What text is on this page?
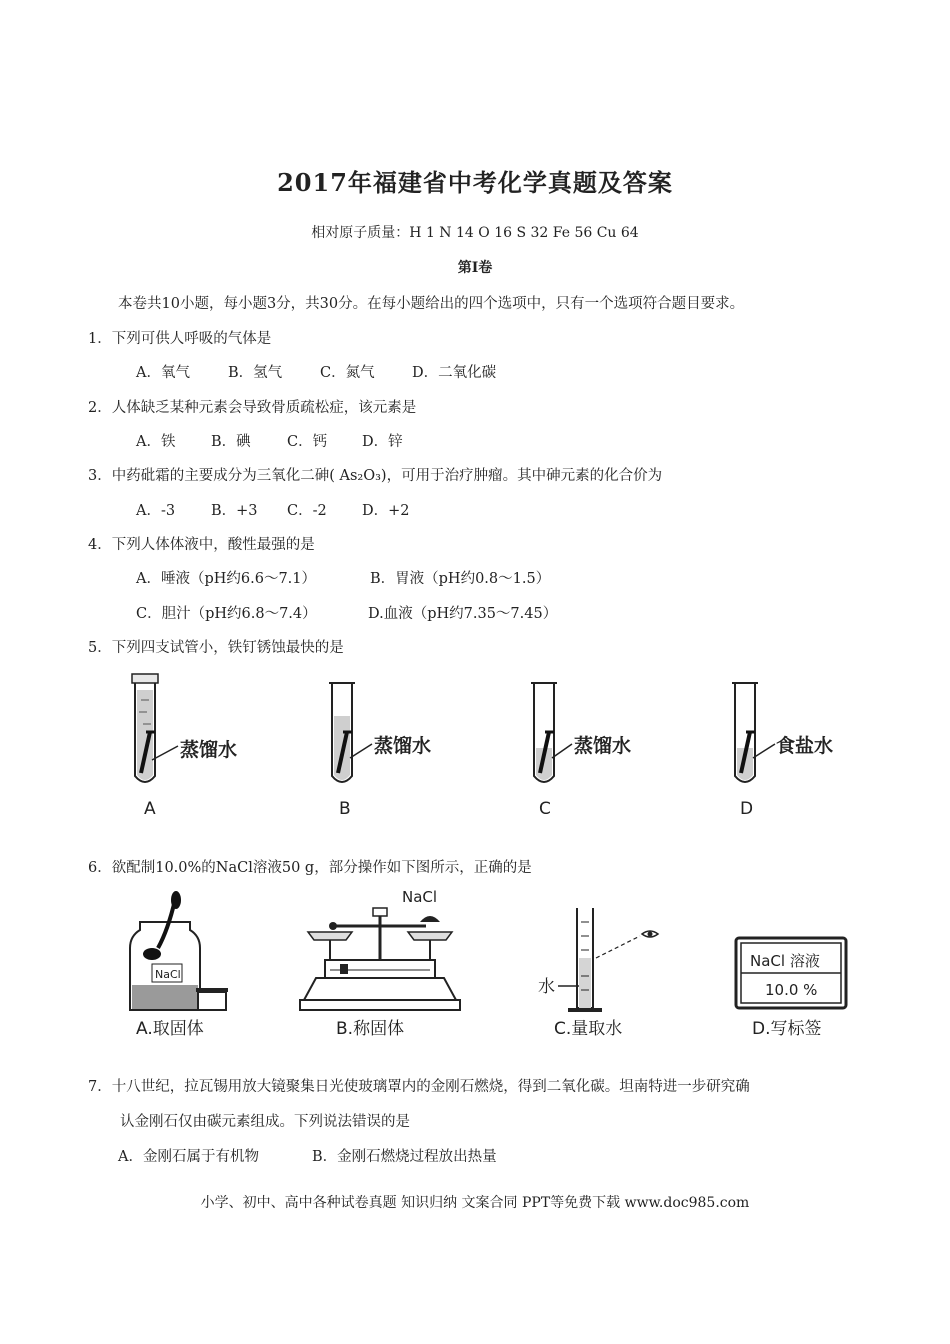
2017年福建省中考化学真题及答案
相对原子质量：H 1 N 14 O 16 S 32 Fe 56 Cu 64
第Ⅰ卷
本卷共10小题，每小题3分，共30分。在每小题给出的四个选项中，只有一个选项符合题目要求。
1．下列可供人呼吸的气体是
A．氧气	B．氢气	C．氮气	D．二氧化碳
2．人体缺乏某种元素会导致骨质疏松症，该元素是
A．铁 B．碘	C．钙 D．锌
3．中药砒霜的主要成分为三氧化二砷( As₂O₃)，可用于治疗肿瘤。其中砷元素的化合价为
A．-3 B．+3 C．-2 D．+2
4．下列人体体液中，酸性最强的是
A．唾液（pH约6.6～7.1）	B．胃液（pH约0.8～1.5）
C．胆汁（pH约6.8～7.4）	D.血液（pH约7.35～7.45）
5．下列四支试管小，铁钉锈蚀最快的是
蒸馏水
A
蒸馏水
B
蒸馏水
C
食盐水
D
6．欲配制10.0%的NaCl溶液50 g，部分操作如下图所示，正确的是
NaCl
A.取固体
NaCl
B.称固体
水
C.量取水
NaCl 溶液
10.0 %
D.写标签
7．十八世纪，拉瓦锡用放大镜聚集日光使玻璃罩内的金刚石燃烧，得到二氧化碳。坦南特进一步研究确
认金刚石仅由碳元素组成。下列说法错误的是
A．金刚石属于有机物	B．金刚石燃烧过程放出热量
小学、初中、高中各种试卷真题 知识归纳 文案合同 PPT等免费下载 www.doc985.com
